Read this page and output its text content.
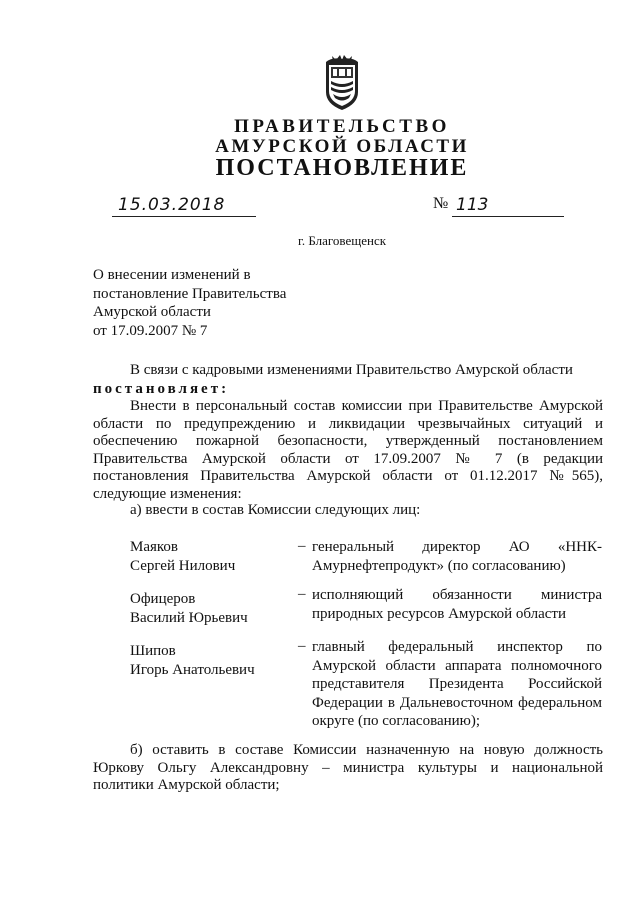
ПРАВИТЕЛЬСТВО
АМУРСКОЙ ОБЛАСТИ
ПОСТАНОВЛЕНИЕ
15.03.2018	№ 113
г. Благовещенск
О внесении изменений в
постановление Правительства
Амурской области
от 17.09.2007 № 7
В связи с кадровыми изменениями Правительство Амурской области
постановляет:
Внести в персональный состав комиссии при Правительстве Амурской
области по предупреждению и ликвидации чрезвычайных ситуаций и
обеспечению пожарной безопасности, утвержденный постановлением
Правительства Амурской области от 17.09.2007 № 7 (в редакции
постановления Правительства Амурской области от 01.12.2017 №565),
следующие изменения:
а) ввести в состав Комиссии следующих лиц:
Маяков
Сергей Нилович
– генеральный директор АО «ННК-
Амурнефтепродукт» (по согласованию)
Офицеров
Василий Юрьевич
– исполняющий обязанности министра
природных ресурсов Амурской области
Шипов
Игорь Анатольевич
– главный федеральный инспектор по
Амурской области аппарата полномочного
представителя Президента Российской
Федерации в Дальневосточном федеральном
округе (по согласованию);
б) оставить в составе Комиссии назначенную на новую должность
Юркову Ольгу Александровну – министра культуры и национальной
политики Амурской области;
